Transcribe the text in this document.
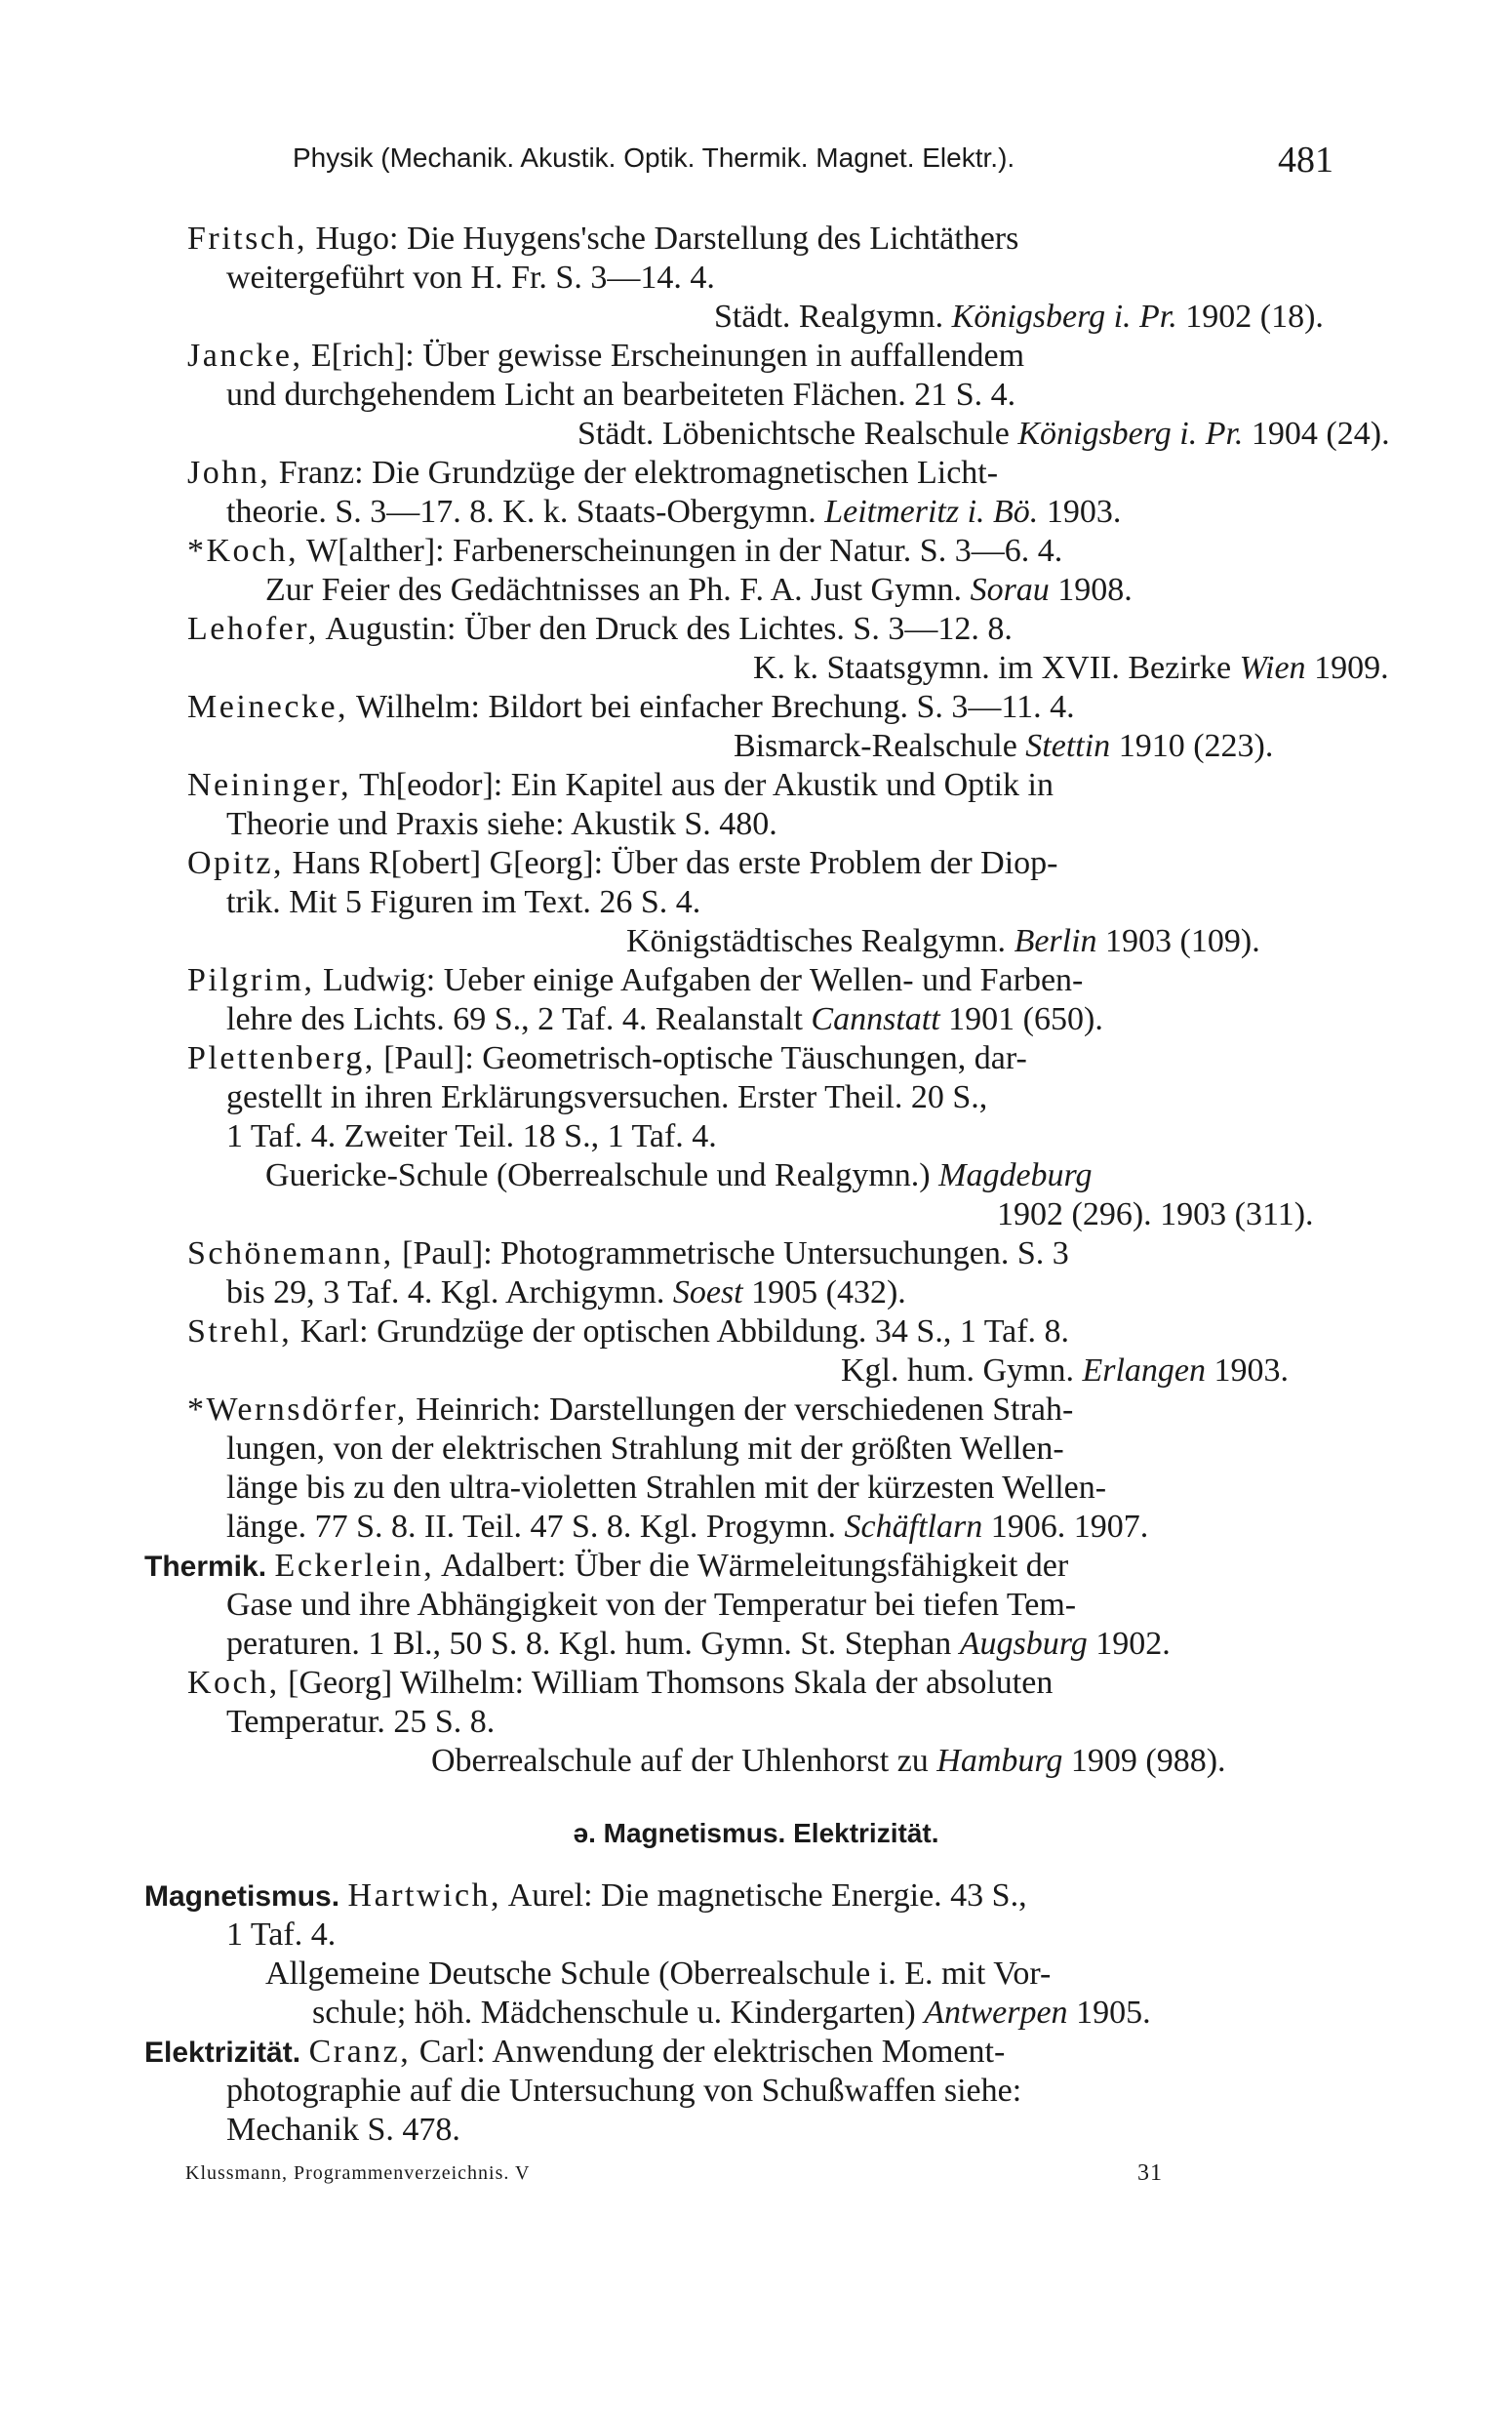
Physik (Mechanik. Akustik. Optik. Thermik. Magnet. Elektr.).	481
Fritsch, Hugo: Die Huygens'sche Darstellung des Lichtäthers
weitergeführt von H. Fr. S. 3—14. 4.
Städt. Realgymn. Königsberg i. Pr. 1902 (18).
Jancke, E[rich]: Über gewisse Erscheinungen in auffallendem
und durchgehendem Licht an bearbeiteten Flächen. 21 S. 4.
Städt. Löbenichtsche Realschule Königsberg i. Pr. 1904 (24).
John, Franz: Die Grundzüge der elektromagnetischen Licht-
theorie. S. 3—17. 8. K. k. Staats-Obergymn. Leitmeritz i. Bö. 1903.
*Koch, W[alther]: Farbenerscheinungen in der Natur. S. 3—6. 4.
Zur Feier des Gedächtnisses an Ph. F. A. Just Gymn. Sorau 1908.
Lehofer, Augustin: Über den Druck des Lichtes. S. 3—12. 8.
K. k. Staatsgymn. im XVII. Bezirke Wien 1909.
Meinecke, Wilhelm: Bildort bei einfacher Brechung. S. 3—11. 4.
Bismarck-Realschule Stettin 1910 (223).
Neininger, Th[eodor]: Ein Kapitel aus der Akustik und Optik in
Theorie und Praxis siehe: Akustik S. 480.
Opitz, Hans R[obert] G[eorg]: Über das erste Problem der Diop-
trik. Mit 5 Figuren im Text. 26 S. 4.
Königstädtisches Realgymn. Berlin 1903 (109).
Pilgrim, Ludwig: Ueber einige Aufgaben der Wellen- und Farben-
lehre des Lichts. 69 S., 2 Taf. 4. Realanstalt Cannstatt 1901 (650).
Plettenberg, [Paul]: Geometrisch-optische Täuschungen, dar-
gestellt in ihren Erklärungsversuchen. Erster Theil. 20 S.,
1 Taf. 4. Zweiter Teil. 18 S., 1 Taf. 4.
Guericke-Schule (Oberrealschule und Realgymn.) Magdeburg
1902 (296). 1903 (311).
Schönemann, [Paul]: Photogrammetrische Untersuchungen. S. 3
bis 29, 3 Taf. 4. Kgl. Archigymn. Soest 1905 (432).
Strehl, Karl: Grundzüge der optischen Abbildung. 34 S., 1 Taf. 8.
Kgl. hum. Gymn. Erlangen 1903.
*Wernsdörfer, Heinrich: Darstellungen der verschiedenen Strah-
lungen, von der elektrischen Strahlung mit der größten Wellen-
länge bis zu den ultra-violetten Strahlen mit der kürzesten Wellen-
länge. 77 S. 8. II. Teil. 47 S. 8. Kgl. Progymn. Schäftlarn 1906. 1907.
Thermik. Eckerlein, Adalbert: Über die Wärmeleitungsfähigkeit der
Gase und ihre Abhängigkeit von der Temperatur bei tiefen Tem-
peraturen. 1 Bl., 50 S. 8. Kgl. hum. Gymn. St. Stephan Augsburg 1902.
Koch, [Georg] Wilhelm: William Thomsons Skala der absoluten
Temperatur. 25 S. 8.
Oberrealschule auf der Uhlenhorst zu Hamburg 1909 (988).
ǝ. Magnetismus. Elektrizität.
Magnetismus. Hartwich, Aurel: Die magnetische Energie. 43 S.,
1 Taf. 4.
Allgemeine Deutsche Schule (Oberrealschule i. E. mit Vor-
schule; höh. Mädchenschule u. Kindergarten) Antwerpen 1905.
Elektrizität. Cranz, Carl: Anwendung der elektrischen Moment-
photographie auf die Untersuchung von Schußwaffen siehe:
Mechanik S. 478.
Klussmann, Programmenverzeichnis. V	31
